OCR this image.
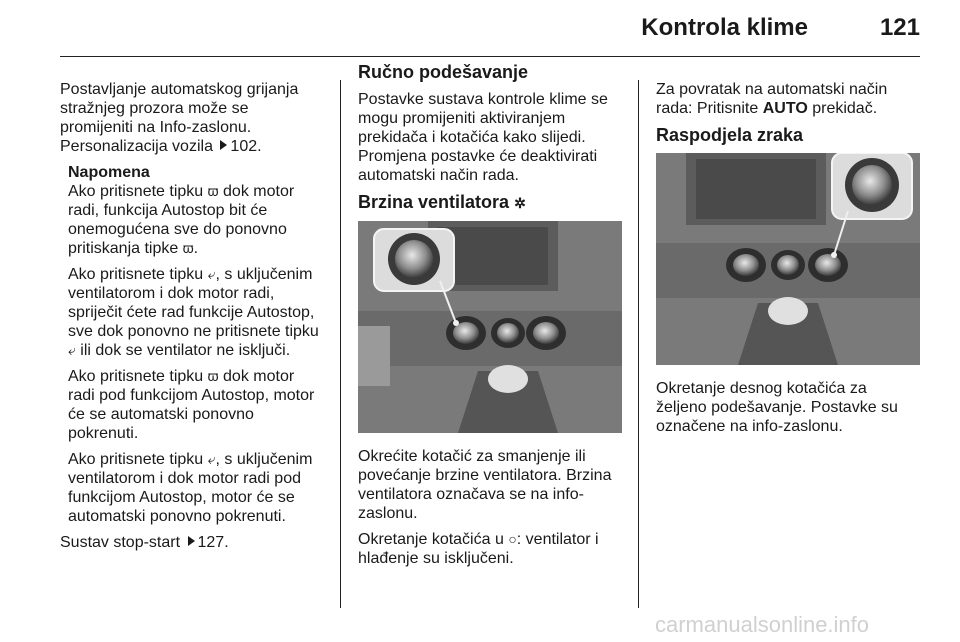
Kontrola klime	121

Postavljanje automatskog grijanja stražnjeg prozora može se promijeniti na Info-zaslonu. Personalizacija vozila 102.

Napomena

Ako pritisnete tipku ϖ dok motor radi, funkcija Autostop bit će onemogućena sve do ponovno pritiskanja tipke ϖ.

Ako pritisnete tipku ⤶, s uključenim ventilatorom i dok motor radi, spriječit ćete rad funkcije Autostop, sve dok ponovno ne pritisnete tipku ⤶ ili dok se ventilator ne isključi.

Ako pritisnete tipku ϖ dok motor radi pod funkcijom Autostop, motor će se automatski ponovno pokrenuti.

Ako pritisnete tipku ⤶, s uključenim ventilatorom i dok motor radi pod funkcijom Autostop, motor će se automatski ponovno pokrenuti.

Sustav stop-start 127.

Ručno podešavanje

Postavke sustava kontrole klime se mogu promijeniti aktiviranjem prekidača i kotačića kako slijedi. Promjena postavke će deaktivirati automatski način rada.

Brzina ventilatora ✲

Okrećite kotačić za smanjenje ili povećanje brzine ventilatora. Brzina ventilatora označava se na info-zaslonu.

Okretanje kotačića u ○: ventilator i hlađenje su isključeni.

Za povratak na automatski način rada: Pritisnite AUTO prekidač.

Raspodjela zraka

Okretanje desnog kotačića za željeno podešavanje. Postavke su označene na info-zaslonu.

carmanualsonline.info
